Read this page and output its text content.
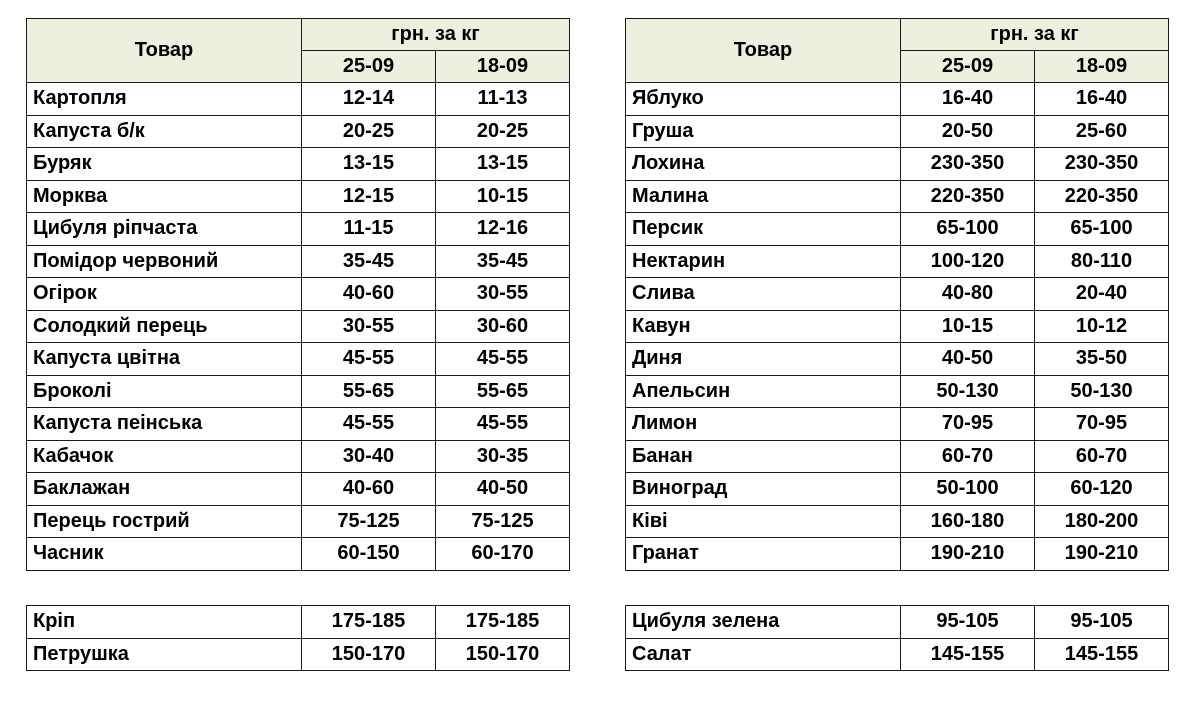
Товар	грн. за кг	
	25-09	18-09
Картопля	12-14	11-13
Капуста б/к	20-25	20-25
Буряк	13-15	13-15
Морква	12-15	10-15
Цибуля ріпчаста	11-15	12-16
Помідор червоний	35-45	35-45
Огірок	40-60	30-55
Солодкий перець	30-55	30-60
Капуста цвітна	45-55	45-55
Броколі	55-65	55-65
Капуста пеінська	45-55	45-55
Кабачок	30-40	30-35
Баклажан	40-60	40-50
Перець гострий	75-125	75-125
Часник	60-150	60-170
Товар	грн. за кг	
	25-09	18-09
Яблуко	16-40	16-40
Груша	20-50	25-60
Лохина	230-350	230-350
Малина	220-350	220-350
Персик	65-100	65-100
Нектарин	100-120	80-110
Слива	40-80	20-40
Кавун	10-15	10-12
Диня	40-50	35-50
Апельсин	50-130	50-130
Лимон	70-95	70-95
Банан	60-70	60-70
Виноград	50-100	60-120
Ківі	160-180	180-200
Гранат	190-210	190-210
Кріп	175-185	175-185
Петрушка	150-170	150-170
Цибуля зелена	95-105	95-105
Салат	145-155	145-155
